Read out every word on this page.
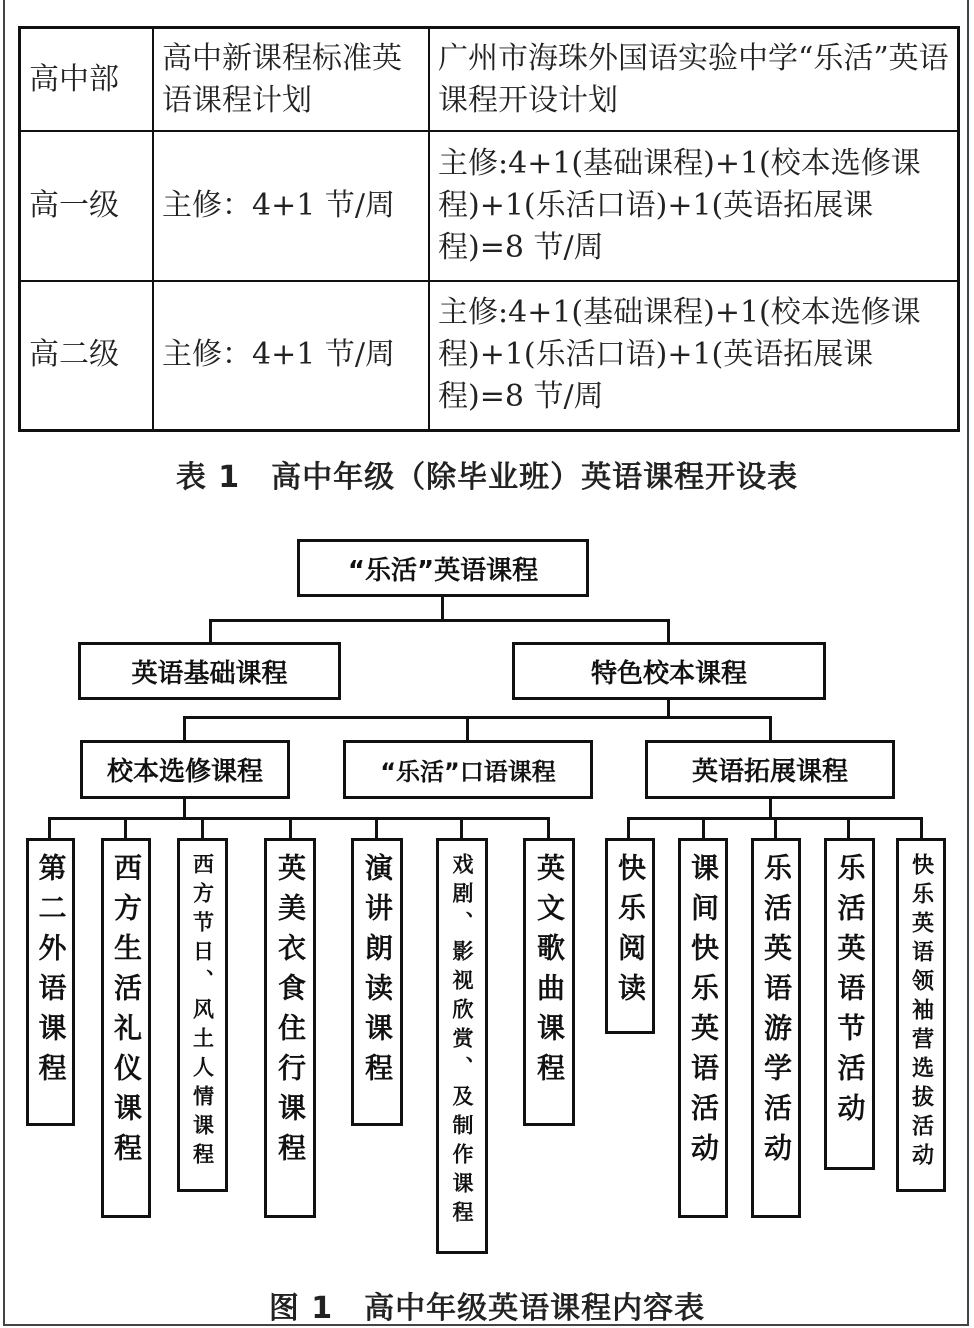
高中部	高中新课程标准英语课程计划	广州市海珠外国语实验中学“乐活”英语课程开设计划
高一级	主修：4+1 节/周	主修:4+1(基础课程)+1(校本选修课程)+1(乐活口语)+1(英语拓展课程)=8 节/周
高二级	主修：4+1 节/周	主修:4+1(基础课程)+1(校本选修课程)+1(乐活口语)+1(英语拓展课程)=8 节/周
表 1　高中年级（除毕业班）英语课程开设表
“乐活”英语课程
英语基础课程	特色校本课程
校本选修课程	“乐活”口语课程	英语拓展课程
第二外语课程	西方生活礼仪课程	西方节日、风土人情课程	英美衣食住行课程	演讲朗读课程	戏剧、影视欣赏、及制作课程	英文歌曲课程	快乐阅读	课间快乐英语活动	乐活英语游学活动	乐活英语节活动	快乐英语领袖营选拔活动
图 1　高中年级英语课程内容表
